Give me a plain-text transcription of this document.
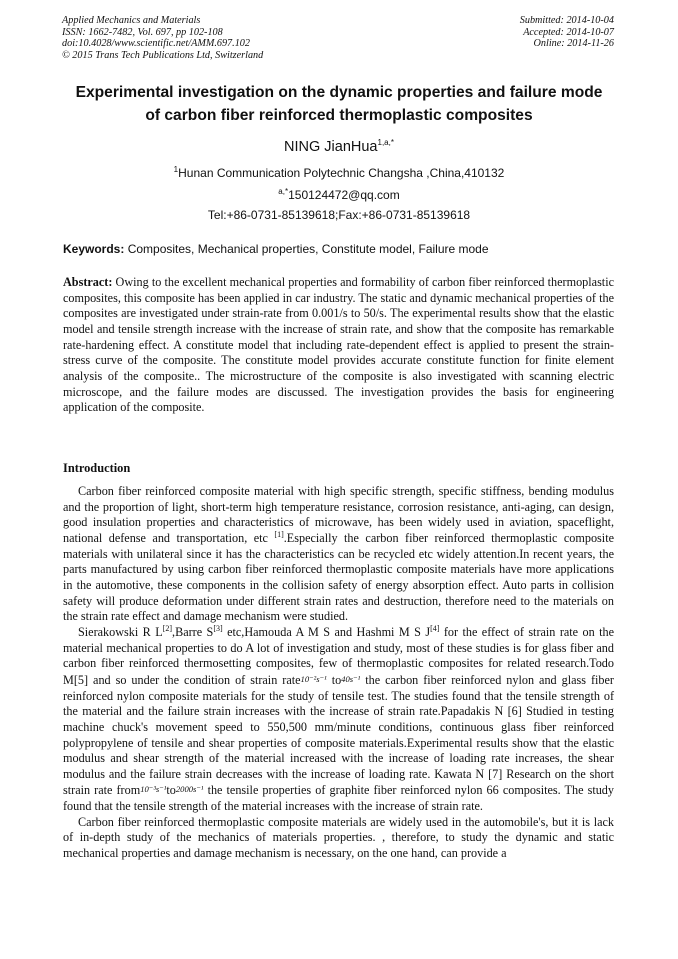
Applied Mechanics and Materials
ISSN: 1662-7482, Vol. 697, pp 102-108
doi:10.4028/www.scientific.net/AMM.697.102
© 2015 Trans Tech Publications Ltd, Switzerland
Submitted: 2014-10-04
Accepted: 2014-10-07
Online: 2014-11-26
Experimental investigation on the dynamic properties and failure mode
of carbon fiber reinforced thermoplastic composites
NING JianHua$^{1,a,*}$
$^1$Hunan Communication Polytechnic Changsha ,China,410132
$^{a,*}$150124472@qq.com
Tel:+86-0731-85139618;Fax:+86-0731-85139618
Keywords: Composites, Mechanical properties, Constitute model, Failure mode

Abstract: Owing to the excellent mechanical properties and formability of carbon fiber reinforced thermoplastic composites, this composite has been applied in car industry. The static and dynamic mechanical properties of the composites are investigated under strain-rate from 0.001/s to 50/s. The experimental results show that the elastic model and tensile strength increase with the increase of strain rate, and show that the composite has remarkable rate-hardening effect. A constitute model that including rate-dependent effect is applied to present the strain-stress curve of the composite. The constitute model provides accurate constitute function for finite element analysis of the composite.. The microstructure of the composite is also investigated with scanning electric microscope, and the failure modes are discussed. The investigation provides the basis for engineering application of the composite.

Introduction

Carbon fiber reinforced composite material with high specific strength, specific stiffness, bending modulus and the proportion of light, short-term high temperature resistance, corrosion resistance, anti-aging, can design, good insulation properties and characteristics of microwave, has been widely used in aviation, spaceflight, national defense and transportation, etc [1].Especially the carbon fiber reinforced thermoplastic composite materials with unilateral since it has the characteristics can be recycled etc widely attention.In recent years, the parts manufactured by using carbon fiber reinforced thermoplastic composite materials have more applications in the automotive, these components in the collision safety of energy absorption effect. Auto parts in collision safety will produce deformation under different strain rates and destruction, therefore need to the materials on the strain rate effect and damage mechanism were studied.

Sierakowski R L[2],Barre S[3] etc,Hamouda A M S and Hashmi M S J[4] for the effect of strain rate on the material mechanical properties to do A lot of investigation and study, most of these studies is for glass fiber and carbon fiber reinforced thermosetting composites, few of thermoplastic composites for related research.Todo M[5] and so under the condition of strain rate10⁻²s⁻¹ to40s⁻¹ the carbon fiber reinforced nylon and glass fiber reinforced nylon composite materials for the study of tensile test. The studies found that the tensile strength of the material and the failure strain increases with the increase of strain rate.Papadakis N [6] Studied in testing machine chuck's movement speed to 550,500 mm/minute conditions, continuous glass fiber reinforced polypropylene of tensile and shear properties of composite materials.Experimental results show that the elastic modulus and shear strength of the material increased with the increase of loading rate increases, the shear modulus and the failure strain decreases with the increase of loading rate. Kawata N [7] Research on the short strain rate from10⁻³s⁻¹to2000s⁻¹ the tensile properties of graphite fiber reinforced nylon 66 composites. The study found that the tensile strength of the material increases with the increase of strain rate.

Carbon fiber reinforced thermoplastic composite materials are widely used in the automobile's, but it is lack of in-depth study of the mechanics of materials properties. , therefore, to study the dynamic and static mechanical properties and damage mechanism is necessary, on the one hand, can provide a
